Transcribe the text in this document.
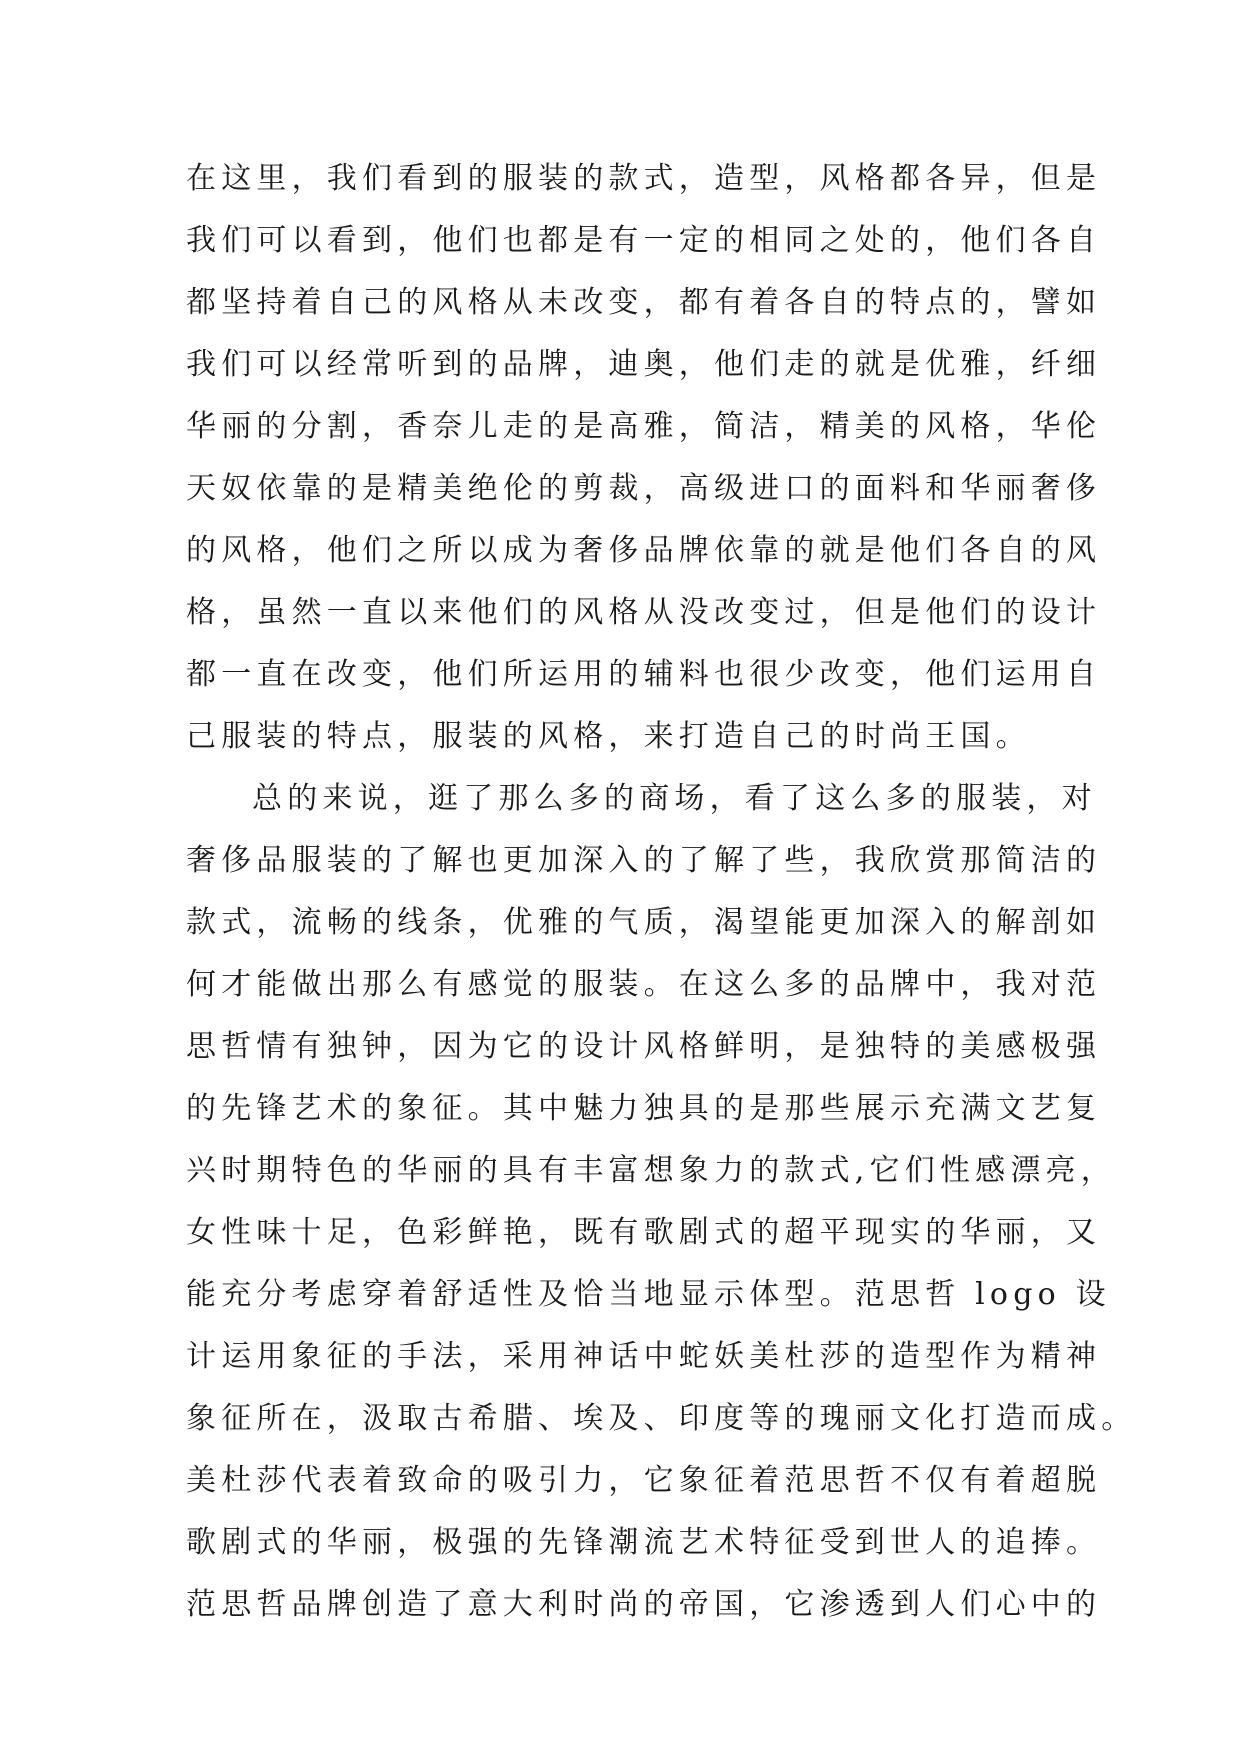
在这里，我们看到的服装的款式，造型，风格都各异，但是
我们可以看到，他们也都是有一定的相同之处的，他们各自
都坚持着自己的风格从未改变，都有着各自的特点的，譬如
我们可以经常听到的品牌，迪奥，他们走的就是优雅，纤细
华丽的分割，香奈儿走的是高雅，简洁，精美的风格，华伦
天奴依靠的是精美绝伦的剪裁，高级进口的面料和华丽奢侈
的风格，他们之所以成为奢侈品牌依靠的就是他们各自的风
格，虽然一直以来他们的风格从没改变过，但是他们的设计
都一直在改变，他们所运用的辅料也很少改变，他们运用自
己服装的特点，服装的风格，来打造自己的时尚王国。
总的来说，逛了那么多的商场，看了这么多的服装，对
奢侈品服装的了解也更加深入的了解了些，我欣赏那简洁的
款式，流畅的线条，优雅的气质，渴望能更加深入的解剖如
何才能做出那么有感觉的服装。在这么多的品牌中，我对范
思哲情有独钟，因为它的设计风格鲜明，是独特的美感极强
的先锋艺术的象征。其中魅力独具的是那些展示充满文艺复
兴时期特色的华丽的具有丰富想象力的款式,它们性感漂亮，
女性味十足，色彩鲜艳，既有歌剧式的超平现实的华丽，又
能充分考虑穿着舒适性及恰当地显示体型。范思哲 logo 设
计运用象征的手法，采用神话中蛇妖美杜莎的造型作为精神
象征所在，汲取古希腊、埃及、印度等的瑰丽文化打造而成。
美杜莎代表着致命的吸引力，它象征着范思哲不仅有着超脱
歌剧式的华丽，极强的先锋潮流艺术特征受到世人的追捧。
范思哲品牌创造了意大利时尚的帝国，它渗透到人们心中的
